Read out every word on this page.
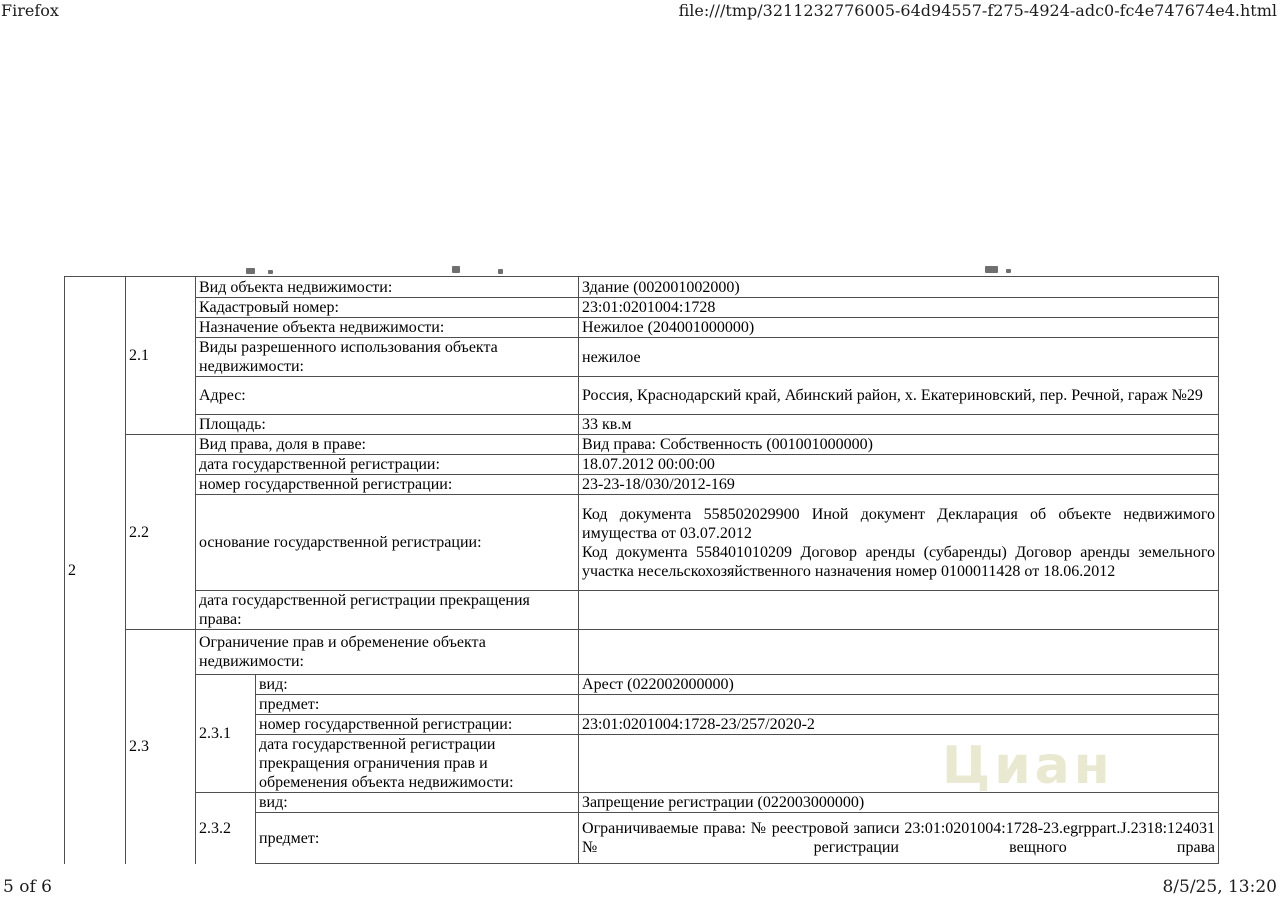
Firefox	file:///tmp/3211232776005-64d94557-f275-4924-adc0-fc4e747674e4.html
Циан
2	2.1	Вид объекта недвижимости:		Здание (002001002000)
		Кадастровый номер:		23:01:0201004:1728
		Назначение объекта недвижимости:		Нежилое (204001000000)
		Виды разрешенного использования объекта недвижимости:		нежилое
		Адрес:		Россия, Краснодарский край, Абинский район, х. Екатериновский, пер. Речной, гараж №29
		Площадь:		33 кв.м
	2.2	Вид права, доля в праве:		Вид права: Собственность (001001000000)
		дата государственной регистрации:		18.07.2012 00:00:00
		номер государственной регистрации:		23-23-18/030/2012-169
		основание государственной регистрации:		Код документа 558502029900 Иной документ Декларация об объекте недвижимого имущества от 03.07.2012

Код документа 558401010209 Договор аренды (субаренды) Договор аренды земельного участка несельскохозяйственного назначения номер 0100011428 от 18.06.2012

		дата государственной регистрации прекращения права:		
	2.3	Ограничение прав и обременение объекта недвижимости:		
		2.3.1	вид:	Арест (022002000000)
			предмет:	
			номер государственной регистрации:	23:01:0201004:1728-23/257/2020-2
			дата государственной регистрации прекращения ограничения прав и обременения объекта недвижимости:	
		2.3.2	вид:	Запрещение регистрации (022003000000)
			предмет:	Ограничиваемые права: № реестровой записи 23:01:0201004:1728-23.egrppart.J.2318:124031 № регистрации вещного права
5 of 6	8/5/25, 13:20
